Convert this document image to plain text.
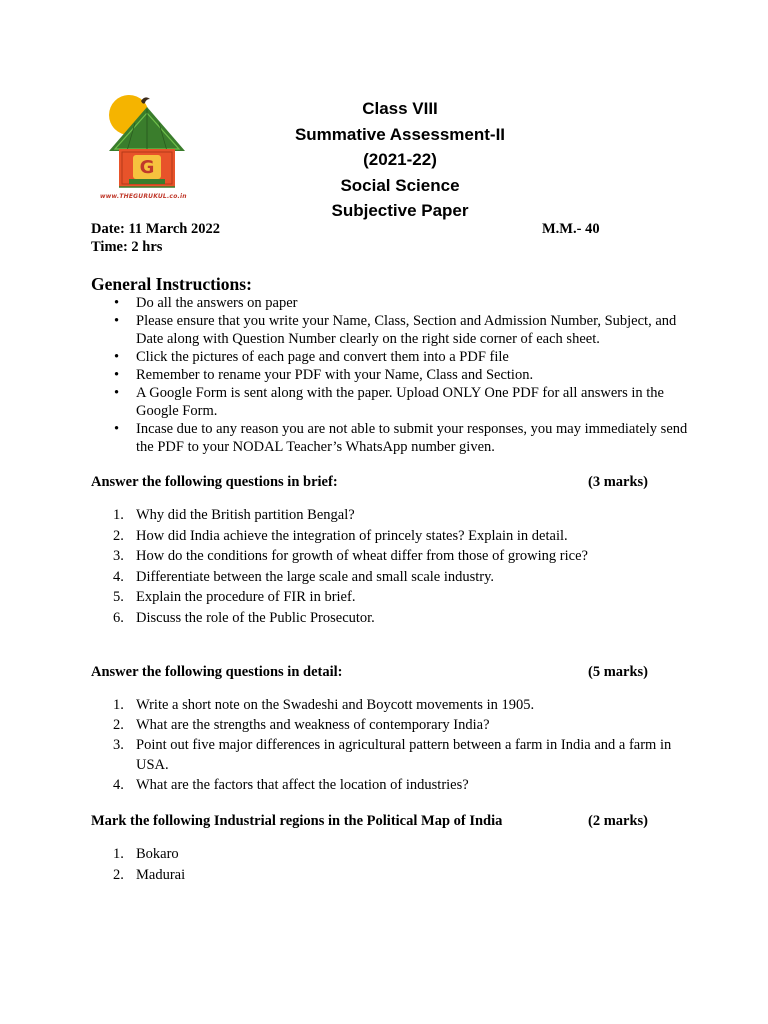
G
www.THEGURUKUL.co.in
Class VIII
Summative Assessment-II
(2021-22)
Social Science
Subjective Paper
Date: 11 March 2022
Time: 2 hrs
M.M.- 40
General Instructions:
• Do all the answers on paper
• Please ensure that you write your Name, Class, Section and Admission Number, Subject, and Date along with Question Number clearly on the right side corner of each sheet.
• Click the pictures of each page and convert them into a PDF file
• Remember to rename your PDF with your Name, Class and Section.
• A Google Form is sent along with the paper. Upload ONLY One PDF for all answers in the Google Form.
• Incase due to any reason you are not able to submit your responses, you may immediately send the PDF to your NODAL Teacher’s WhatsApp number given.
Answer the following questions in brief:	(3 marks)
1. Why did the British partition Bengal?
2. How did India achieve the integration of princely states? Explain in detail.
3. How do the conditions for growth of wheat differ from those of growing rice?
4. Differentiate between the large scale and small scale industry.
5. Explain the procedure of FIR in brief.
6. Discuss the role of the Public Prosecutor.
Answer the following questions in detail:	(5 marks)
1. Write a short note on the Swadeshi and Boycott movements in 1905.
2. What are the strengths and weakness of contemporary India?
3. Point out five major differences in agricultural pattern between a farm in India and a farm in USA.
4. What are the factors that affect the location of industries?
Mark the following Industrial regions in the Political Map of India	(2 marks)
1. Bokaro
2. Madurai
